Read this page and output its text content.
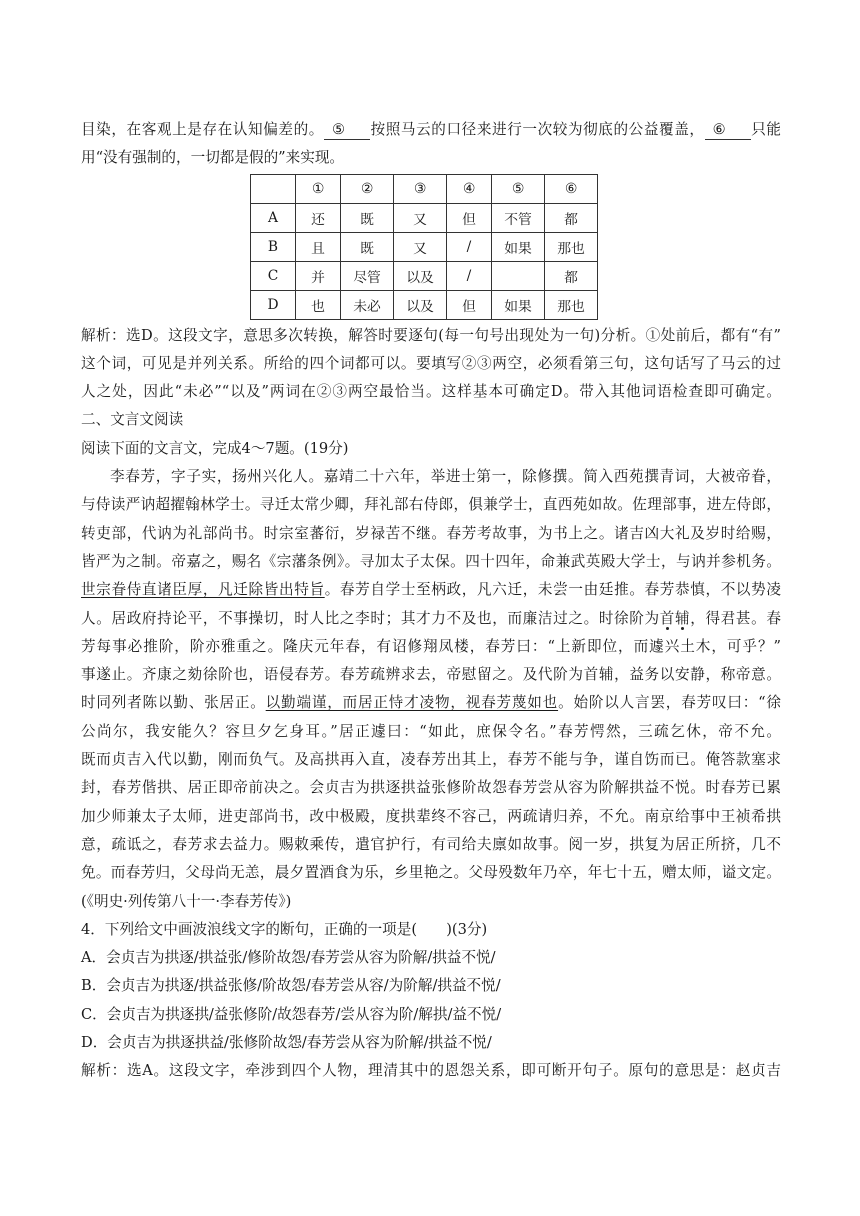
目染，在客观上是存在认知偏差的。 ⑤ 按照马云的口径来进行一次较为彻底的公益覆盖， ⑥ 只能
用“没有强制的，一切都是假的”来实现。
	①	②	③	④	⑤	⑥
A	还	既	又	但	不管	都
B	且	既	又	/	如果	那也
C	并	尽管	以及	/		都
D	也	未必	以及	但	如果	那也
解析：选D。这段文字，意思多次转换，解答时要逐句(每一句号出现处为一句)分析。①处前后，都有“有”
这个词，可见是并列关系。所给的四个词都可以。要填写②③两空，必须看第三句，这句话写了马云的过
人之处，因此“未必”“以及”两词在②③两空最恰当。这样基本可确定D。带入其他词语检查即可确定。
二、文言文阅读
阅读下面的文言文，完成4～7题。(19分)
李春芳，字子实，扬州兴化人。嘉靖二十六年，举进士第一，除修撰。简入西苑撰青词，大被帝眷，
与侍读严讷超擢翰林学士。寻迁太常少卿，拜礼部右侍郎，俱兼学士，直西苑如故。佐理部事，进左侍郎，
转吏部，代讷为礼部尚书。时宗室蕃衍，岁禄苦不继。春芳考故事，为书上之。诸吉凶大礼及岁时给赐，
皆严为之制。帝嘉之，赐名《宗藩条例》。寻加太子太保。四十四年，命兼武英殿大学士，与讷并参机务。
世宗眷侍直诸臣厚，凡迁除皆出特旨。春芳自学士至柄政，凡六迁，未尝一由廷推。春芳恭慎，不以势凌
人。居政府持论平，不事操切，时人比之李时；其才力不及也，而廉洁过之。时徐阶为首辅，得君甚。春
芳每事必推阶，阶亦雅重之。隆庆元年春，有诏修翔凤楼，春芳曰：“上新即位，而遽兴土木，可乎？”
事遂止。齐康之劾徐阶也，语侵春芳。春芳疏辨求去，帝慰留之。及代阶为首辅，益务以安静，称帝意。
时同列者陈以勤、张居正。以勤端谨，而居正恃才凌物，视春芳蔑如也。始阶以人言罢，春芳叹曰：“徐
公尚尔，我安能久？容旦夕乞身耳。”居正遽曰：“如此，庶保令名。”春芳愕然，三疏乞休，帝不允。
既而贞吉入代以勤，刚而负气。及高拱再入直，凌春芳出其上，春芳不能与争，谨自饬而已。俺答款塞求
封，春芳偕拱、居正即帝前决之。会贞吉为拱逐拱益张修阶故怨春芳尝从容为阶解拱益不悦。时春芳已累
加少师兼太子太师，进吏部尚书，改中极殿，度拱辈终不容己，两疏请归养，不允。南京给事中王祯希拱
意，疏诋之，春芳求去益力。赐敕乘传，遣官护行，有司给夫廪如故事。阅一岁，拱复为居正所挤，几不
免。而春芳归，父母尚无恙，晨夕置酒食为乐，乡里艳之。父母殁数年乃卒，年七十五，赠太师，谥文定。
(《明史·列传第八十一·李春芳传》)
4．下列给文中画波浪线文字的断句，正确的一项是(　　)(3分)
A．会贞吉为拱逐/拱益张/修阶故怨/春芳尝从容为阶解/拱益不悦/
B．会贞吉为拱逐/拱益张修/阶故怨/春芳尝从容/为阶解/拱益不悦/
C．会贞吉为拱逐拱/益张修阶/故怨春芳/尝从容为阶/解拱/益不悦/
D．会贞吉为拱逐拱益/张修阶故怨/春芳尝从容为阶解/拱益不悦/
解析：选A。这段文字，牵涉到四个人物，理清其中的恩怨关系，即可断开句子。原句的意思是：赵贞吉
